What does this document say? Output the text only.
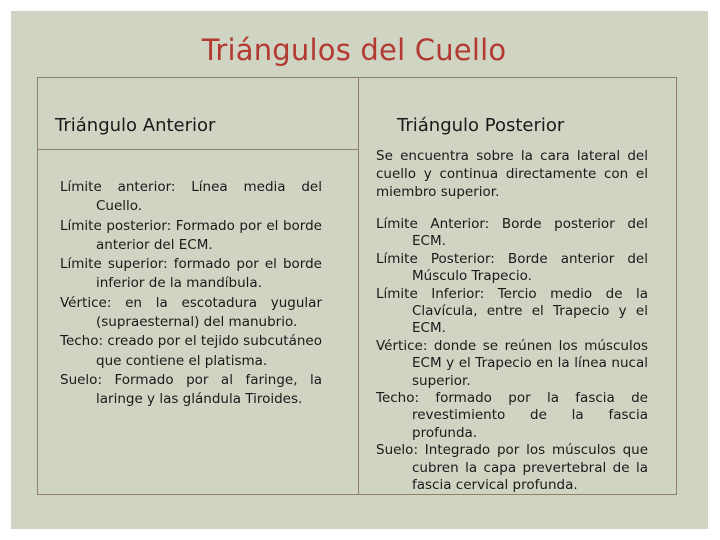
Triángulos del Cuello
Triángulo Anterior	Triángulo Posterior

Límite anterior: Línea media del Cuello.

Límite posterior: Formado por el borde anterior del ECM.

Límite superior: formado por el borde inferior de la mandíbula.

Vértice: en la escotadura yugular (supraesternal) del manubrio.

Techo: creado por el tejido subcutáneo que contiene el platisma.

Suelo: Formado por al faringe, la laringe y las glándula Tiroides.

Se encuentra sobre la cara lateral del cuello y continua directamente con el miembro superior.

Límite Anterior: Borde posterior del ECM.

Límite Posterior: Borde anterior del Músculo Trapecio.

Límite Inferior: Tercio medio de la Clavícula, entre el Trapecio y el ECM.

Vértice: donde se reúnen los músculos ECM y el Trapecio en la línea nucal superior.

Techo: formado por la fascia de revestimiento de la fascia profunda.

Suelo: Integrado por los músculos que cubren la capa prevertebral de la fascia cervical profunda.
